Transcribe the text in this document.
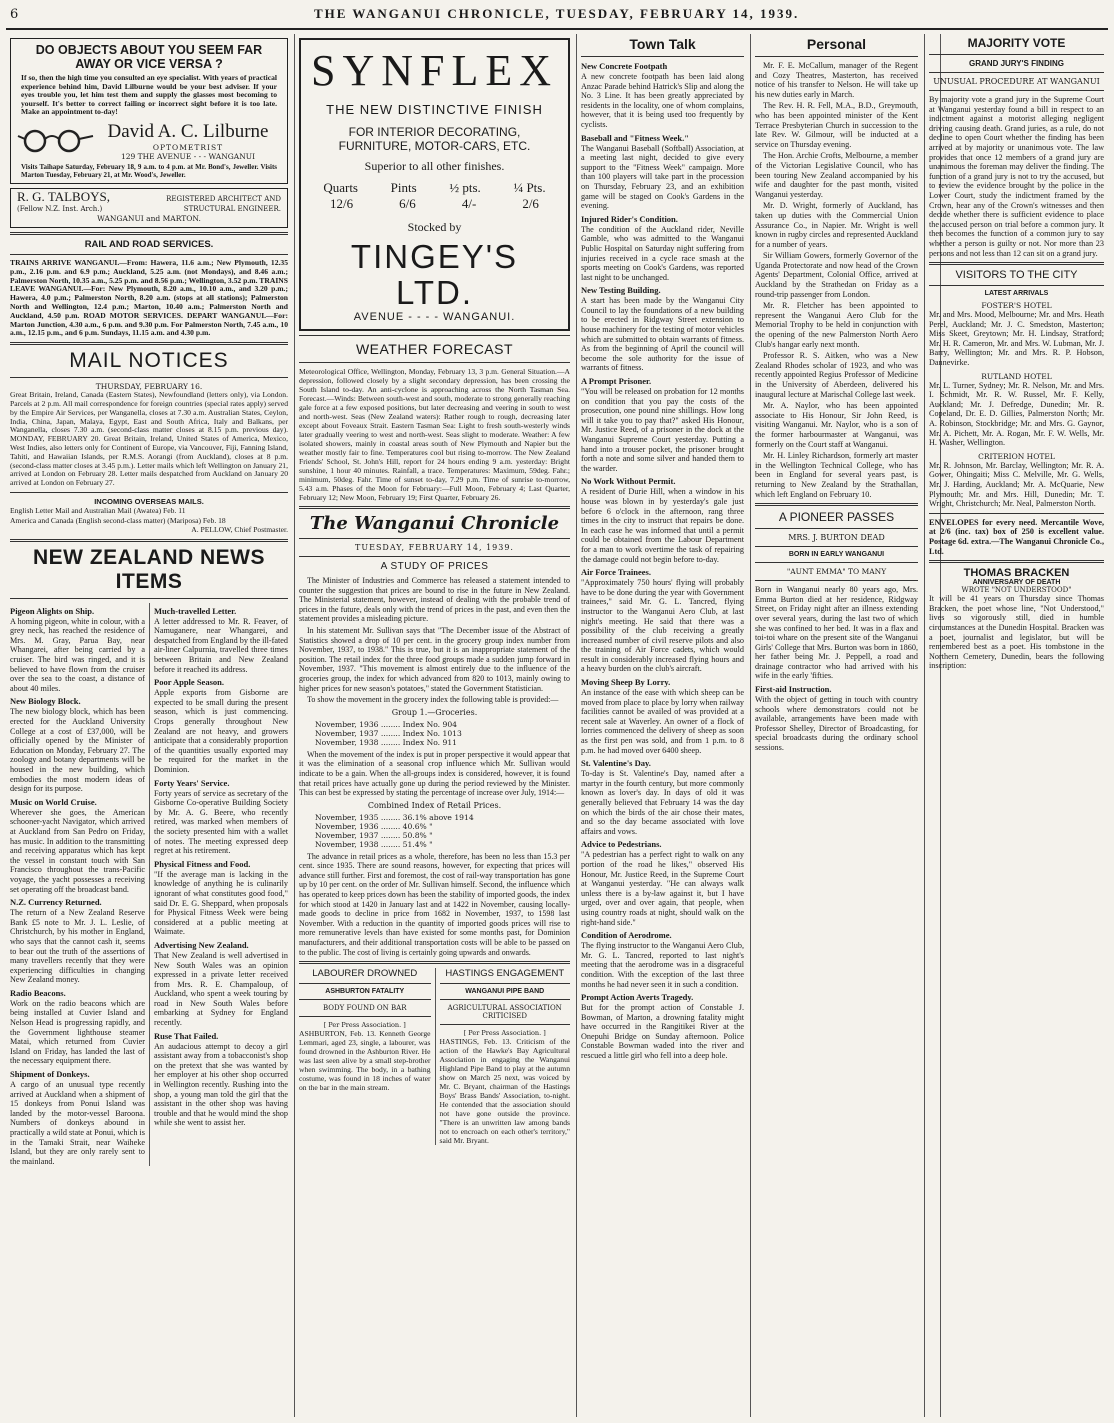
6	THE WANGANUI CHRONICLE, TUESDAY, FEBRUARY 14, 1939.
DO OBJECTS ABOUT YOU SEEM FAR AWAY OR VICE VERSA ?
If so, then the high time you consulted an eye specialist. With years of practical experience behind him, David Lilburne would be your best adviser. If your eyes trouble you, let him test them and supply the glasses most becoming to yourself. It's better to correct failing or incorrect sight before it is too late. Make an appointment to-day!
David A. C. Lilburne
OPTOMETRIST
129 THE AVENUE - - - WANGANUI
Visits Taihape Saturday, February 18, 9 a.m. to 4 p.m. at Mr. Bond's, Jeweller. Visits Marton Tuesday, February 21, at Mr. Wood's, Jeweller.
R. G. TALBOYS,	REGISTERED ARCHITECT AND
(Fellow N.Z. Inst. Arch.)	STRUCTURAL ENGINEER.
WANGANUI and MARTON.
RAIL AND ROAD SERVICES.
TRAINS ARRIVE WANGANUI.—From: Hawera, 11.6 a.m.; New Plymouth, 12.35 p.m., 2.16 p.m. and 6.9 p.m.; Auckland, 5.25 a.m. (not Mondays), and 8.46 a.m.; Palmerston North, 10.35 a.m., 5.25 p.m. and 8.56 p.m.; Wellington, 3.52 p.m. TRAINS LEAVE WANGANUI.—For: New Plymouth, 8.20 a.m., 10.10 a.m., and 3.20 p.m.; Hawera, 4.0 p.m.; Palmerston North, 8.20 a.m. (stops at all stations); Palmerston North and Wellington, 12.4 p.m.; Marton, 10.40 a.m.; Palmerston North and Auckland, 4.50 p.m. ROAD MOTOR SERVICES. DEPART WANGANUI.—For: Marton Junction, 4.30 a.m., 6 p.m. and 9.30 p.m. For Palmerston North, 7.45 a.m., 10 a.m., 12.15 p.m., and 6 p.m. Sundays, 11.15 a.m. and 4.30 p.m.
MAIL NOTICES
THURSDAY, FEBRUARY 16.
Great Britain, Ireland, Canada (Eastern States), Newfoundland (letters only), via London. Parcels at 2 p.m. All mail correspondence for foreign countries (special rates apply) served by the Empire Air Services, per Wanganella, closes at 7.30 a.m. Australian States, Ceylon, India, China, Japan, Malaya, Egypt, East and South Africa, Italy and Balkans, per Wanganella, closes 7.30 a.m. (second-class matter closes at 8.15 p.m. previous day). MONDAY, FEBRUARY 20. Great Britain, Ireland, United States of America, Mexico, West Indies, also letters only for Continent of Europe, via Vancouver, Fiji, Fanning Island, Tahiti, and Hawaiian Islands, per R.M.S. Aorangi (from Auckland), closes at 8 p.m. (second-class matter closes at 3.45 p.m.). Letter mails which left Wellington on January 21, arrived at London on February 28. Letter mails despatched from Auckland on January 20 arrived at London on February 27.
INCOMING OVERSEAS MAILS.
English Letter Mail and Australian Mail (Awatea) Feb. 11
America and Canada (English second-class matter) (Mariposa) Feb. 18
A. PELLOW, Chief Postmaster.
NEW ZEALAND NEWS ITEMS
Pigeon Alights on Ship.
A homing pigeon, white in colour, with a grey neck, has reached the residence of Mrs. M. Gray, Parua Bay, near Whangarei, after being carried by a cruiser. The bird was ringed, and it is believed to have flown from the cruiser over the sea to the coast, a distance of about 40 miles.
New Biology Block.
The new biology block, which has been erected for the Auckland University College at a cost of £37,000, will be officially opened by the Minister of Education on Monday, February 27. The zoology and botany departments will be housed in the new building, which embodies the most modern ideas of design for its purpose.
Music on World Cruise.
Wherever she goes, the American schooner-yacht Navigator, which arrived at Auckland from San Pedro on Friday, has music. In addition to the transmitting and receiving apparatus which has kept the vessel in constant touch with San Francisco throughout the trans-Pacific voyage, the yacht possesses a receiving set operating off the broadcast band.
N.Z. Currency Returned.
The return of a New Zealand Reserve Bank £5 note to Mr. J. L. Leslie, of Christchurch, by his mother in England, who says that the cannot cash it, seems to bear out the truth of the assertions of many travellers recently that they were experiencing difficulties in changing New Zealand money.
Radio Beacons.
Work on the radio beacons which are being installed at Cuvier Island and Nelson Head is progressing rapidly, and the Government lighthouse steamer Matai, which returned from Cuvier Island on Friday, has landed the last of the necessary equipment there.
Shipment of Donkeys.
A cargo of an unusual type recently arrived at Auckland when a shipment of 15 donkeys from Ponui Island was landed by the motor-vessel Baroona. Numbers of donkeys abound in practically a wild state at Ponui, which is in the Tamaki Strait, near Waiheke Island, but they are only rarely sent to the mainland.
Much-travelled Letter.
A letter addressed to Mr. R. Feaver, of Namuganere, near Whangarei, and despatched from England by the ill-fated air-liner Calpurnia, travelled three times between Britain and New Zealand before it reached its address.
Poor Apple Season.
Apple exports from Gisborne are expected to be small during the present season, which is just commencing. Crops generally throughout New Zealand are not heavy, and growers anticipate that a considerably proportion of the quantities usually exported may be required for the market in the Dominion.
Forty Years' Service.
Forty years of service as secretary of the Gisborne Co-operative Building Society by Mr. A. G. Beere, who recently retired, was marked when members of the society presented him with a wallet of notes. The meeting expressed deep regret at his retirement.
Physical Fitness and Food.
"If the average man is lacking in the knowledge of anything he is culinarily ignorant of what constitutes good food," said Dr. E. G. Sheppard, when proposals for Physical Fitness Week were being considered at a public meeting at Waimate.
Advertising New Zealand.
That New Zealand is well advertised in New South Wales was an opinion expressed in a private letter received from Mrs. R. E. Champaloup, of Auckland, who spent a week touring by road in New South Wales before embarking at Sydney for England recently.
Ruse That Failed.
An audacious attempt to decoy a girl assistant away from a tobacconist's shop on the pretext that she was wanted by her employer at his other shop occurred in Wellington recently. Rushing into the shop, a young man told the girl that the assistant in the other shop was having trouble and that he would mind the shop while she went to assist her.
SYNFLEX
THE NEW DISTINCTIVE FINISH
FOR INTERIOR DECORATING, FURNITURE, MOTOR-CARS, ETC.
Superior to all other finishes.
Quarts	Pints	½ pts.	¼ Pts.
12/6	6/6	4/-	2/6
Stocked by
TINGEY'S LTD.
AVENUE - - - - WANGANUI.
WEATHER FORECAST
Meteorological Office, Wellington, Monday, February 13, 3 p.m. General Situation.—A depression, followed closely by a slight secondary depression, has been crossing the South Island to-day. An anti-cyclone is approaching across the North Tasman Sea. Forecast.—Winds: Between south-west and south, moderate to strong generally reaching gale force at a few exposed positions, but later decreasing and veering in south to west and north-west. Seas (New Zealand waters): Rather rough to rough, decreasing later except about Foveaux Strait. Eastern Tasman Sea: Light to fresh south-westerly winds later gradually veering to west and north-west. Seas slight to moderate. Weather: A few isolated showers, mainly in coastal areas south of New Plymouth and Napier but the weather mostly fair to fine. Temperatures cool but rising to-morrow. The New Zealand Friends' School, St. John's Hill, report for 24 hours ending 9 a.m. yesterday: Bright sunshine, 1 hour 40 minutes. Rainfall, a trace. Temperatures: Maximum, 59deg. Fahr.; minimum, 50deg. Fahr. Time of sunset to-day, 7.29 p.m. Time of sunrise to-morrow, 5.43 a.m. Phases of the Moon for February:—Full Moon, February 4; Last Quarter, February 12; New Moon, February 19; First Quarter, February 26.
The Wanganui Chronicle
TUESDAY, FEBRUARY 14, 1939.
A STUDY OF PRICES

The Minister of Industries and Commerce has released a statement intended to counter the suggestion that prices are bound to rise in the future in New Zealand. The Ministerial statement, however, instead of dealing with the probable trend of prices in the future, deals only with the trend of prices in the past, and even then the statement provides a misleading picture.

In his statement Mr. Sullivan says that "The December issue of the Abstract of Statistics showed a drop of 10 per cent. in the grocery group index number from November, 1937, to 1938." This is true, but it is an inappropriate statement of the position. The retail index for the three food groups made a sudden jump forward in November, 1937. "This movement is almost entirely due to the influence of the groceries group, the index for which advanced from 820 to 1013, mainly owing to higher prices for new season's potatoes," stated the Government Statistician.

To show the movement in the grocery index the following table is provided:—

Group 1.—Groceries.
November, 1936 ........ Index No. 904
November, 1937 ........ Index No. 1013
November, 1938 ........ Index No. 911

When the movement of the index is put in proper perspective it would appear that it was the elimination of a seasonal crop influence which Mr. Sullivan would indicate to be a gain. When the all-groups index is considered, however, it is found that retail prices have actually gone up during the period reviewed by the Minister. This can best be expressed by stating the percentage of increase over July, 1914:—

Combined Index of Retail Prices.
November, 1935 ........ 36.1% above 1914
November, 1936 ........ 40.6% "
November, 1937 ........ 50.8% "
November, 1938 ........ 51.4% "

The advance in retail prices as a whole, therefore, has been no less than 15.3 per cent. since 1935. There are sound reasons, however, for expecting that prices will advance still further. First and foremost, the cost of rail-way transportation has gone up by 10 per cent. on the order of Mr. Sullivan himself. Second, the influence which has operated to keep prices down has been the stability of imported goods, the index for which stood at 1420 in January last and at 1422 in November, causing locally-made goods to decline in price from 1682 in November, 1937, to 1598 last November. With a reduction in the quantity of imported goods prices will rise to more remunerative levels than have existed for some months past, for Dominion manufacturers, and their additional transportation costs will be able to be passed on to the public. The cost of living is certainly going upwards and onwards.

LABOURER DROWNED
ASHBURTON FATALITY
BODY FOUND ON BAR
[ Per Press Association. ]
ASHBURTON, Feb. 13. Kenneth George Lemmari, aged 23, single, a labourer, was found drowned in the Ashburton River. He was last seen alive by a small step-brother when swimming. The body, in a bathing costume, was found in 18 inches of water on the bar in the main stream.
HASTINGS ENGAGEMENT
WANGANUI PIPE BAND
AGRICULTURAL ASSOCIATION CRITICISED
[ Per Press Association. ]
HASTINGS, Feb. 13. Criticism of the action of the Hawke's Bay Agricultural Association in engaging the Wanganui Highland Pipe Band to play at the autumn show on March 25 next, was voiced by Mr. C. Bryant, chairman of the Hastings Boys' Brass Bands' Association, to-night. He contended that the association should not have gone outside the province. "There is an unwritten law among bands not to encroach on each other's territory," said Mr. Bryant.
Town Talk
New Concrete Footpath
A new concrete footpath has been laid along Anzac Parade behind Hatrick's Slip and along the No. 3 Line. It has been greatly appreciated by residents in the locality, one of whom complains, however, that it is being used too frequently by cyclists.
Baseball and "Fitness Week."
The Wanganui Baseball (Softball) Association, at a meeting last night, decided to give every support to the "Fitness Week" campaign. More than 100 players will take part in the procession on Thursday, February 23, and an exhibition game will be staged on Cook's Gardens in the evening.
Injured Rider's Condition.
The condition of the Auckland rider, Neville Gamble, who was admitted to the Wanganui Public Hospital on Saturday night suffering from injuries received in a cycle race smash at the sports meeting on Cook's Gardens, was reported last night to be unchanged.
New Testing Building.
A start has been made by the Wanganui City Council to lay the foundations of a new building to be erected in Ridgway Street extension to house machinery for the testing of motor vehicles which are submitted to obtain warrants of fitness. As from the beginning of April the council will become the sole authority for the issue of warrants of fitness.
A Prompt Prisoner.
"You will be released on probation for 12 months on condition that you pay the costs of the prosecution, one pound nine shillings. How long will it take you to pay that?" asked His Honour, Mr. Justice Reed, of a prisoner in the dock at the Wanganui Supreme Court yesterday. Putting a hand into a trouser pocket, the prisoner brought forth a note and some silver and handed them to the warder.
No Work Without Permit.
A resident of Durie Hill, when a window in his house was blown in by yesterday's gale just before 6 o'clock in the afternoon, rang three times in the city to instruct that repairs be done. In each case he was informed that until a permit could be obtained from the Labour Department for a man to work overtime the task of repairing the damage could not begin before to-day.
Air Force Trainees.
"Approximately 750 hours' flying will probably have to be done during the year with Government trainees," said Mr. G. L. Tancred, flying instructor to the Wanganui Aero Club, at last night's meeting. He said that there was a possibility of the club receiving a greatly increased number of civil reserve pilots and also the training of Air Force cadets, which would result in considerably increased flying hours and a heavy burden on the club's aircraft.
Moving Sheep By Lorry.
An instance of the ease with which sheep can be moved from place to place by lorry when railway facilities cannot be availed of was provided at a recent sale at Waverley. An owner of a flock of lorries commenced the delivery of sheep as soon as the first pen was sold, and from 1 p.m. to 8 p.m. he had moved over 6400 sheep.
St. Valentine's Day.
To-day is St. Valentine's Day, named after a martyr in the fourth century, but more commonly known as lover's day. In days of old it was generally believed that February 14 was the day on which the birds of the air chose their mates, and so the day became associated with love affairs and vows.
Advice to Pedestrians.
"A pedestrian has a perfect right to walk on any portion of the road he likes," observed His Honour, Mr. Justice Reed, in the Supreme Court at Wanganui yesterday. "He can always walk unless there is a by-law against it, but I have urged, over and over again, that people, when using country roads at night, should walk on the right-hand side."
Condition of Aerodrome.
The flying instructor to the Wanganui Aero Club, Mr. G. L. Tancred, reported to last night's meeting that the aerodrome was in a disgraceful condition. With the exception of the last three months he had never seen it in such a condition.
Prompt Action Averts Tragedy.
But for the prompt action of Constable J. Bowman, of Marton, a drowning fatality might have occurred in the Rangitikei River at the Onepuhi Bridge on Sunday afternoon. Police Constable Bowman waded into the river and rescued a little girl who fell into a deep hole.
Personal

Mr. F. E. McCallum, manager of the Regent and Cozy Theatres, Masterton, has received notice of his transfer to Nelson. He will take up his new duties early in March.

The Rev. H. R. Fell, M.A., B.D., Greymouth, who has been appointed minister of the Kent Terrace Presbyterian Church in succession to the late Rev. W. Gilmour, will be inducted at a service on Thursday evening.

The Hon. Archie Crofts, Melbourne, a member of the Victorian Legislative Council, who has been touring New Zealand accompanied by his wife and daughter for the past month, visited Wanganui yesterday.

Mr. D. Wright, formerly of Auckland, has taken up duties with the Commercial Union Assurance Co., in Napier. Mr. Wright is well known in rugby circles and represented Auckland for a number of years.

Sir William Gowers, formerly Governor of the Uganda Protectorate and now head of the Crown Agents' Department, Colonial Office, arrived at Auckland by the Strathedan on Friday as a round-trip passenger from London.

Mr. R. Fletcher has been appointed to represent the Wanganui Aero Club for the Memorial Trophy to be held in conjunction with the opening of the new Palmerston North Aero Club's hangar early next month.

Professor R. S. Aitken, who was a New Zealand Rhodes scholar of 1923, and who was recently appointed Regius Professor of Medicine in the University of Aberdeen, delivered his inaugural lecture at Marischal College last week.

Mr. A. Naylor, who has been appointed associate to His Honour, Sir John Reed, is visiting Wanganui. Mr. Naylor, who is a son of the former harbourmaster at Wanganui, was formerly on the Court staff at Wanganui.

Mr. H. Linley Richardson, formerly art master in the Wellington Technical College, who has been in England for several years past, is returning to New Zealand by the Strathallan, which left England on February 10.

A PIONEER PASSES
MRS. J. BURTON DEAD
BORN IN EARLY WANGANUI
"AUNT EMMA" TO MANY
Born in Wanganui nearly 80 years ago, Mrs. Emma Burton died at her residence, Ridgway Street, on Friday night after an illness extending over several years, during the last two of which she was confined to her bed. It was in a flax and toi-toi whare on the present site of the Wanganui Girls' College that Mrs. Burton was born in 1860, her father being Mr. J. Peppell, a road and drainage contractor who had arrived with his wife in the early 'fifties.
First-aid Instruction.
With the object of getting in touch with country schools where demonstrators could not be available, arrangements have been made with Professor Shelley, Director of Broadcasting, for special broadcasts during the ordinary school sessions.
MAJORITY VOTE
GRAND JURY'S FINDING
UNUSUAL PROCEDURE AT WANGANUI
By majority vote a grand jury in the Supreme Court at Wanganui yesterday found a bill in respect to an indictment against a motorist alleging negligent driving causing death. Grand juries, as a rule, do not decline to open Court whether the finding has been arrived at by majority or unanimous vote. The law provides that once 12 members of a grand jury are unanimous the foreman may deliver the finding. The function of a grand jury is not to try the accused, but to review the evidence brought by the police in the Lower Court, study the indictment framed by the Crown, hear any of the Crown's witnesses and then decide whether there is sufficient evidence to place the accused person on trial before a common jury. It then becomes the function of a common jury to say whether a person is guilty or not. Nor more than 23 persons and not less than 12 can sit on a grand jury.
VISITORS TO THE CITY
LATEST ARRIVALS
FOSTER'S HOTEL
Mr. and Mrs. Mood, Melbourne; Mr. and Mrs. Heath Perel, Auckland; Mr. J. C. Smedston, Masterton; Miss Skeet, Greytown; Mr. H. Lindsay, Stratford; Mr. H. R. Cameron, Mr. and Mrs. W. Lubman, Mr. J. Barry, Wellington; Mr. and Mrs. R. P. Hobson, Dannevirke.
RUTLAND HOTEL
Mr. L. Turner, Sydney; Mr. R. Nelson, Mr. and Mrs. I. Schmidt, Mr. R. W. Russel, Mr. F. Kelly, Auckland; Mr. J. Defredge, Dunedin; Mr. R. Copeland, Dr. E. D. Gillies, Palmerston North; Mr. A. Robinson, Stockbridge; Mr. and Mrs. G. Gaynor, Mr. A. Pichett, Mr. A. Rogan, Mr. F. W. Wells, Mr. H. Washer, Wellington.
CRITERION HOTEL
Mr. R. Johnson, Mr. Barclay, Wellington; Mr. R. A. Gower, Ohingaiti; Miss C. Melville, Mr. G. Wells, Mr. J. Harding, Auckland; Mr. A. McQuarie, New Plymouth; Mr. and Mrs. Hill, Dunedin; Mr. T. Wright, Christchurch; Mr. Neal, Palmerston North.
ENVELOPES for every need. Mercantile Wove, at 2/6 (inc. tax) box of 250 is excellent value. Postage 6d. extra.—The Wanganui Chronicle Co., Ltd.
THOMAS BRACKEN
ANNIVERSARY OF DEATH
WROTE "NOT UNDERSTOOD"
It will be 41 years on Thursday since Thomas Bracken, the poet whose line, "Not Understood," lives so vigorously still, died in humble circumstances at the Dunedin Hospital. Bracken was a poet, journalist and legislator, but will be remembered best as a poet. His tombstone in the Northern Cemetery, Dunedin, bears the following inscription:
